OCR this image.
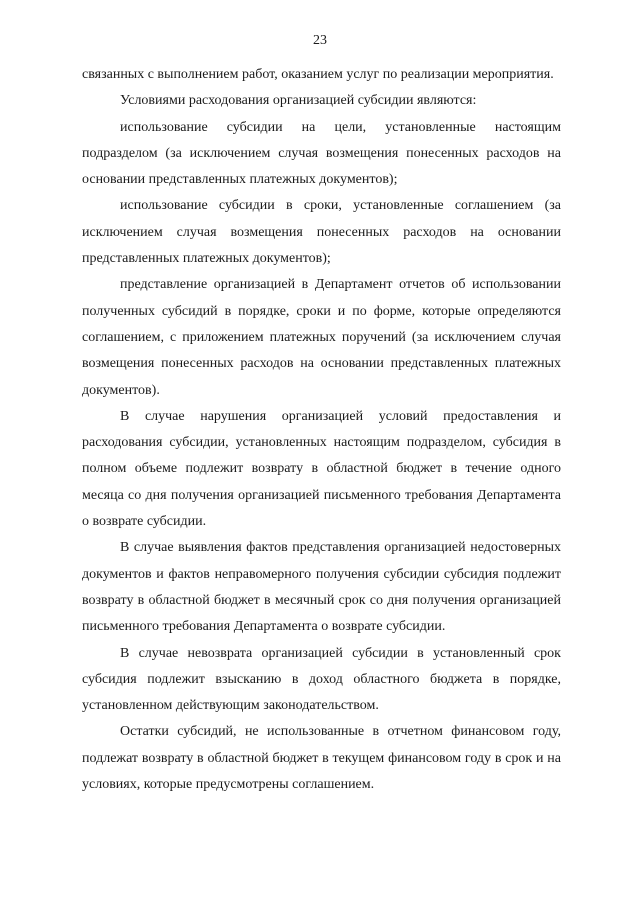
23

связанных с выполнением работ, оказанием услуг по реализации мероприятия.

Условиями расходования организацией субсидии являются:

использование субсидии на цели, установленные настоящим подразделом (за исключением случая возмещения понесенных расходов на основании представленных платежных документов);

использование субсидии в сроки, установленные соглашением (за исключением случая возмещения понесенных расходов на основании представленных платежных документов);

представление организацией в Департамент отчетов об использовании полученных субсидий в порядке, сроки и по форме, которые определяются соглашением, с приложением платежных поручений (за исключением случая возмещения понесенных расходов на основании представленных платежных документов).

В случае нарушения организацией условий предоставления и расходования субсидии, установленных настоящим подразделом, субсидия в полном объеме подлежит возврату в областной бюджет в течение одного месяца со дня получения организацией письменного требования Департамента о возврате субсидии.

В случае выявления фактов представления организацией недостоверных документов и фактов неправомерного получения субсидии субсидия подлежит возврату в областной бюджет в месячный срок со дня получения организацией письменного требования Департамента о возврате субсидии.

В случае невозврата организацией субсидии в установленный срок субсидия подлежит взысканию в доход областного бюджета в порядке, установленном действующим законодательством.

Остатки субсидий, не использованные в отчетном финансовом году, подлежат возврату в областной бюджет в текущем финансовом году в срок и на условиях, которые предусмотрены соглашением.
